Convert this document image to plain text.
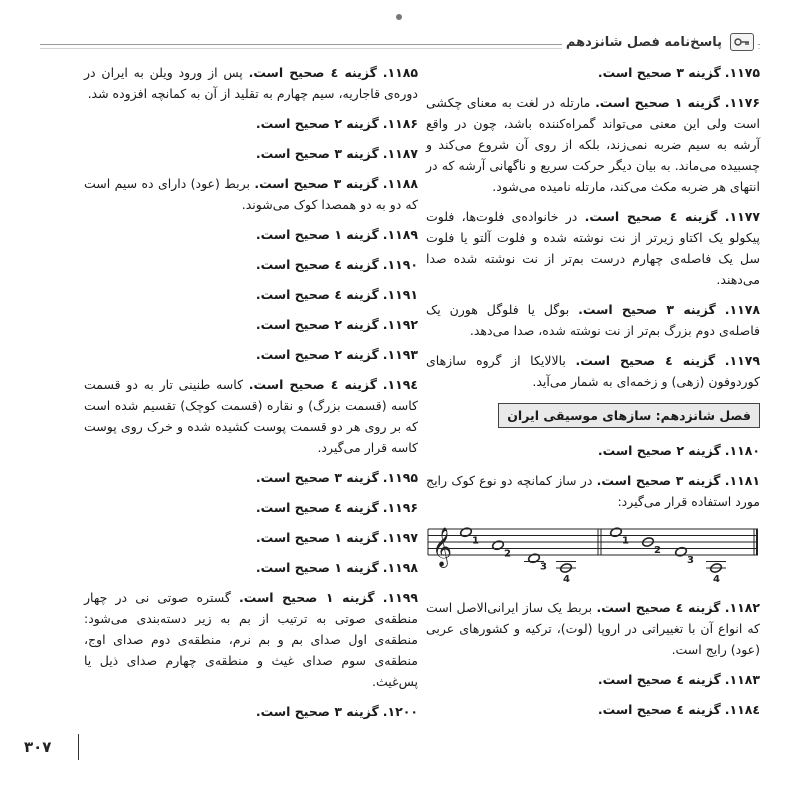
پاسخ‌نامه فصل شانزدهم

۱۱۷۵. گزینه ۳ صحیح است.

۱۱۷۶. گزینه ۱ صحیح است. مارتله در لغت به معنای چکشی است ولی این معنی می‌تواند گمراه‌کننده باشد، چون در واقع آرشه به سیم ضربه نمی‌زند، بلکه از روی آن شروع می‌کند و چسبیده می‌ماند. به بیان دیگر حرکت سریع و ناگهانی آرشه که در انتهای هر ضربه مکث می‌کند، مارتله نامیده می‌شود.

۱۱۷۷. گزینه ٤ صحیح است. در خانواده‌ی فلوت‌ها، فلوت پیکولو یک اکتاو زیرتر از نت نوشته شده و فلوت آلتو یا فلوت سل یک فاصله‌ی چهارم درست بم‌تر از نت نوشته شده صدا می‌دهند.

۱۱۷۸. گزینه ۳ صحیح است. بوگل یا فلوگل هورن یک فاصله‌ی دوم بزرگ بم‌تر از نت نوشته شده، صدا می‌دهد.

۱۱۷۹. گزینه ٤ صحیح است. بالالایکا از گروه سازهای کوردوفون (زهی) و زخمه‌ای به شمار می‌آید.

فصل شانزدهم: سازهای موسیقی ایران

۱۱۸۰. گزینه ۲ صحیح است.

۱۱۸۱. گزینه ۳ صحیح است. در ساز کمانچه دو نوع کوک رایج مورد استفاده قرار می‌گیرد:

𝄞 1
2
3
4
1
2
3
4

۱۱۸۲. گزینه ٤ صحیح است. بربط یک ساز ایرانی‌الاصل است که انواع آن با تغییراتی در اروپا (لوت)، ترکیه و کشورهای عربی (عود) رایج است.

۱۱۸۳. گزینه ٤ صحیح است.

۱۱۸٤. گزینه ٤ صحیح است.

۱۱۸۵. گزینه ٤ صحیح است. پس از ورود ویلن به ایران در دوره‌ی قاجاریه، سیم چهارم به تقلید از آن به کمانچه افزوده شد.

۱۱۸۶. گزینه ۲ صحیح است.

۱۱۸۷. گزینه ۳ صحیح است.

۱۱۸۸. گزینه ۳ صحیح است. بربط (عود) دارای ده سیم است که دو به دو همصدا کوک می‌شوند.

۱۱۸۹. گزینه ۱ صحیح است.

۱۱۹۰. گزینه ٤ صحیح است.

۱۱۹۱. گزینه ٤ صحیح است.

۱۱۹۲. گزینه ۲ صحیح است.

۱۱۹۳. گزینه ۲ صحیح است.

۱۱۹٤. گزینه ٤ صحیح است. کاسه طنینی تار به دو قسمت کاسه (قسمت بزرگ) و نقاره (قسمت کوچک) تقسیم شده است که بر روی هر دو قسمت پوست کشیده شده و خرک روی پوست کاسه قرار می‌گیرد.

۱۱۹۵. گزینه ۳ صحیح است.

۱۱۹۶. گزینه ٤ صحیح است.

۱۱۹۷. گزینه ۱ صحیح است.

۱۱۹۸. گزینه ۱ صحیح است.

۱۱۹۹. گزینه ۱ صحیح است. گستره صوتی نی در چهار منطقه‌ی صوتی به ترتیب از بم به زیر دسته‌بندی می‌شود: منطقه‌ی اول صدای بم و بم نرم، منطقه‌ی دوم صدای اوج، منطقه‌ی سوم صدای غیث و منطقه‌ی چهارم صدای ذیل یا پس‌غیث.

۱۲۰۰. گزینه ۳ صحیح است.

۳۰۷
